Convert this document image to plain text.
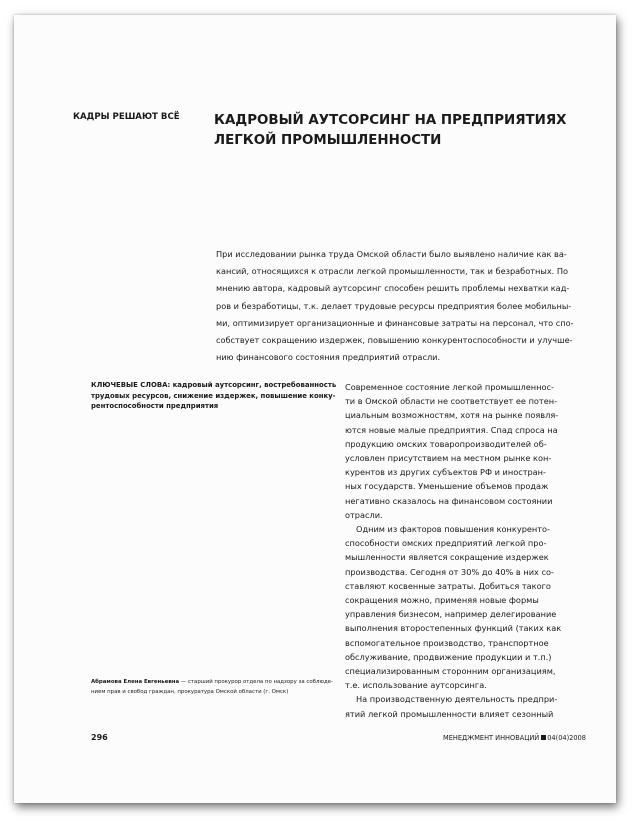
КАДРЫ РЕШАЮТ ВСЁ	КАДРОВЫЙ АУТСОРСИНГ НА ПРЕДПРИЯТИЯХ
ЛЕГКОЙ ПРОМЫШЛЕННОСТИ
При исследовании рынка труда Омской области было выявлено наличие как ва-
кансий, относящихся к отрасли легкой промышленности, так и безработных. По
мнению автора, кадровый аутсорсинг способен решить проблемы нехватки кад-
ров и безработицы, т.к. делает трудовые ресурсы предприятия более мобильны-
ми, оптимизирует организационные и финансовые затраты на персонал, что спо-
собствует сокращению издержек, повышению конкурентоспособности и улучше-
нию финансового состояния предприятий отрасли.
КЛЮЧЕВЫЕ СЛОВА: кадровый аутсорсинг, востребованность
трудовых ресурсов, снижение издержек, повышение конку-
рентоспособности предприятия
Современное состояние легкой промышленнос-
ти в Омской области не соответствует ее потен-
циальным возможностям, хотя на рынке появля-
ются новые малые предприятия. Спад спроса на
продукцию омских товаропроизводителей об-
условлен присутствием на местном рынке кон-
курентов из других субъектов РФ и иностран-
ных государств. Уменьшение объемов продаж
негативно сказалось на финансовом состоянии
отрасли.
Одним из факторов повышения конкуренто-
способности омских предприятий легкой про-
мышленности является сокращение издержек
производства. Сегодня от 30% до 40% в них со-
ставляют косвенные затраты. Добиться такого
сокращения можно, применяя новые формы
управления бизнесом, например делегирование
выполнения второстепенных функций (таких как
вспомогательное производство, транспортное
обслуживание, продвижение продукции и т.п.)
специализированным сторонним организациям,
т.е. использование аутсорсинга.
На производственную деятельность предпри-
ятий легкой промышленности влияет сезонный
Абрамова Елена Евгеньевна — старший прокурор отдела по надзору за соблюде-
нием прав и свобод граждан, прокуратура Омской области (г. Омск)
296	МЕНЕДЖМЕНТ ИННОВАЦИЙ 04(04)2008
